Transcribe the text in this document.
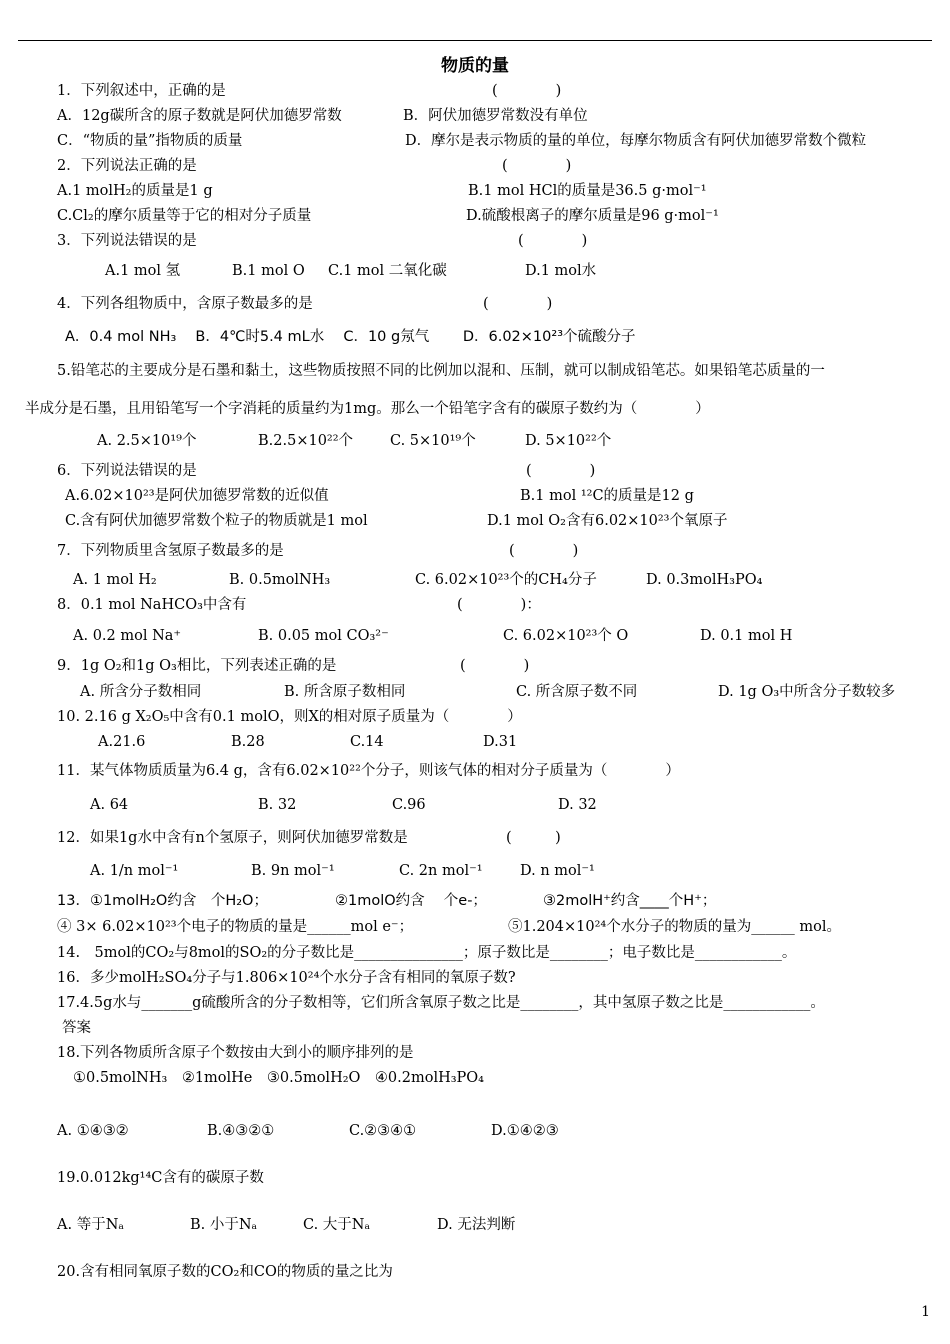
物质的量
1．下列叙述中，正确的是	(　　　　)
A．12g碳所含的原子数就是阿伏加德罗常数	B．阿伏加德罗常数没有单位
C．“物质的量”指物质的质量	D．摩尔是表示物质的量的单位，每摩尔物质含有阿伏加德罗常数个微粒
2．下列说法正确的是	(　　　　)
A.1 molH₂的质量是1 g	B.1 mol HCl的质量是36.5 g·mol⁻¹
C.Cl₂的摩尔质量等于它的相对分子质量	D.硫酸根离子的摩尔质量是96 g·mol⁻¹
3．下列说法错误的是	(　　　　)
A.1 mol 氢	B.1 mol O C.1 mol 二氧化碳	D.1 mol水
4．下列各组物质中，含原子数最多的是	(　　　　)
A．0.4 mol NH₃　 B．4℃时5.4 mL水　 C．10 g氖气　　 D．6.02×10²³个硫酸分子
5.铅笔芯的主要成分是石墨和黏土，这些物质按照不同的比例加以混和、压制，就可以制成铅笔芯。如果铅笔芯质量的一
半成分是石墨，且用铅笔写一个字消耗的质量约为1mg。那么一个铅笔字含有的碳原子数约为（　　　　）
A. 2.5×10¹⁹个	B.2.5×10²²个	C. 5×10¹⁹个	D. 5×10²²个
6．下列说法错误的是	(　　　　)
A.6.02×10²³是阿伏加德罗常数的近似值	B.1 mol ¹²C的质量是12 g
C.含有阿伏加德罗常数个粒子的物质就是1 mol	D.1 mol O₂含有6.02×10²³个氧原子
7．下列物质里含氢原子数最多的是	(　　　　)
A. 1 mol H₂	B. 0.5molNH₃	C. 6.02×10²³个的CH₄分子	D. 0.3molH₃PO₄
8．0.1 mol NaHCO₃中含有	(　　　　)：
A. 0.2 mol Na⁺	B. 0.05 mol CO₃²⁻	C. 6.02×10²³个 O	D. 0.1 mol H
9．1g O₂和1g O₃相比，下列表述正确的是	(　　　　)
A. 所含分子数相同	B. 所含原子数相同	C. 所含原子数不同	D. 1g O₃中所含分子数较多
10. 2.16 g X₂O₅中含有0.1 molO，则X的相对原子质量为（　　　　）
A.21.6	B.28	C.14	D.31
11．某气体物质质量为6.4 g，含有6.02×10²²个分子，则该气体的相对分子质量为（　　　　）
A. 64	B. 32	C.96	D. 32
12．如果1g水中含有n个氢原子，则阿伏加德罗常数是	(　　　)
A. 1/n mol⁻¹	B. 9n mol⁻¹	C. 2n mol⁻¹	D. n mol⁻¹
13．①1molH₂O约含　个H₂O；	②1molO约含　 个e-；	③2molH⁺约含____个H⁺；
④ 3× 6.02×10²³个电子的物质的量是______mol e⁻；	⑤1.204×10²⁴个水分子的物质的量为______ mol。
14.　5mol的CO₂与8mol的SO₂的分子数比是_______________；原子数比是________；电子数比是____________。
16．多少molH₂SO₄分子与1.806×10²⁴个水分子含有相同的氧原子数?
17.4.5g水与_______g硫酸所含的分子数相等，它们所含氧原子数之比是________，其中氢原子数之比是____________。
答案
18.下列各物质所含原子个数按由大到小的顺序排列的是
①0.5molNH₃　②1molHe　③0.5molH₂O　④0.2molH₃PO₄
A. ①④③②	B.④③②①	C.②③④①	D.①④②③
19.0.012kg¹⁴C含有的碳原子数
A. 等于Nₐ	B. 小于Nₐ	C. 大于Nₐ	D. 无法判断
20.含有相同氧原子数的CO₂和CO的物质的量之比为
1
